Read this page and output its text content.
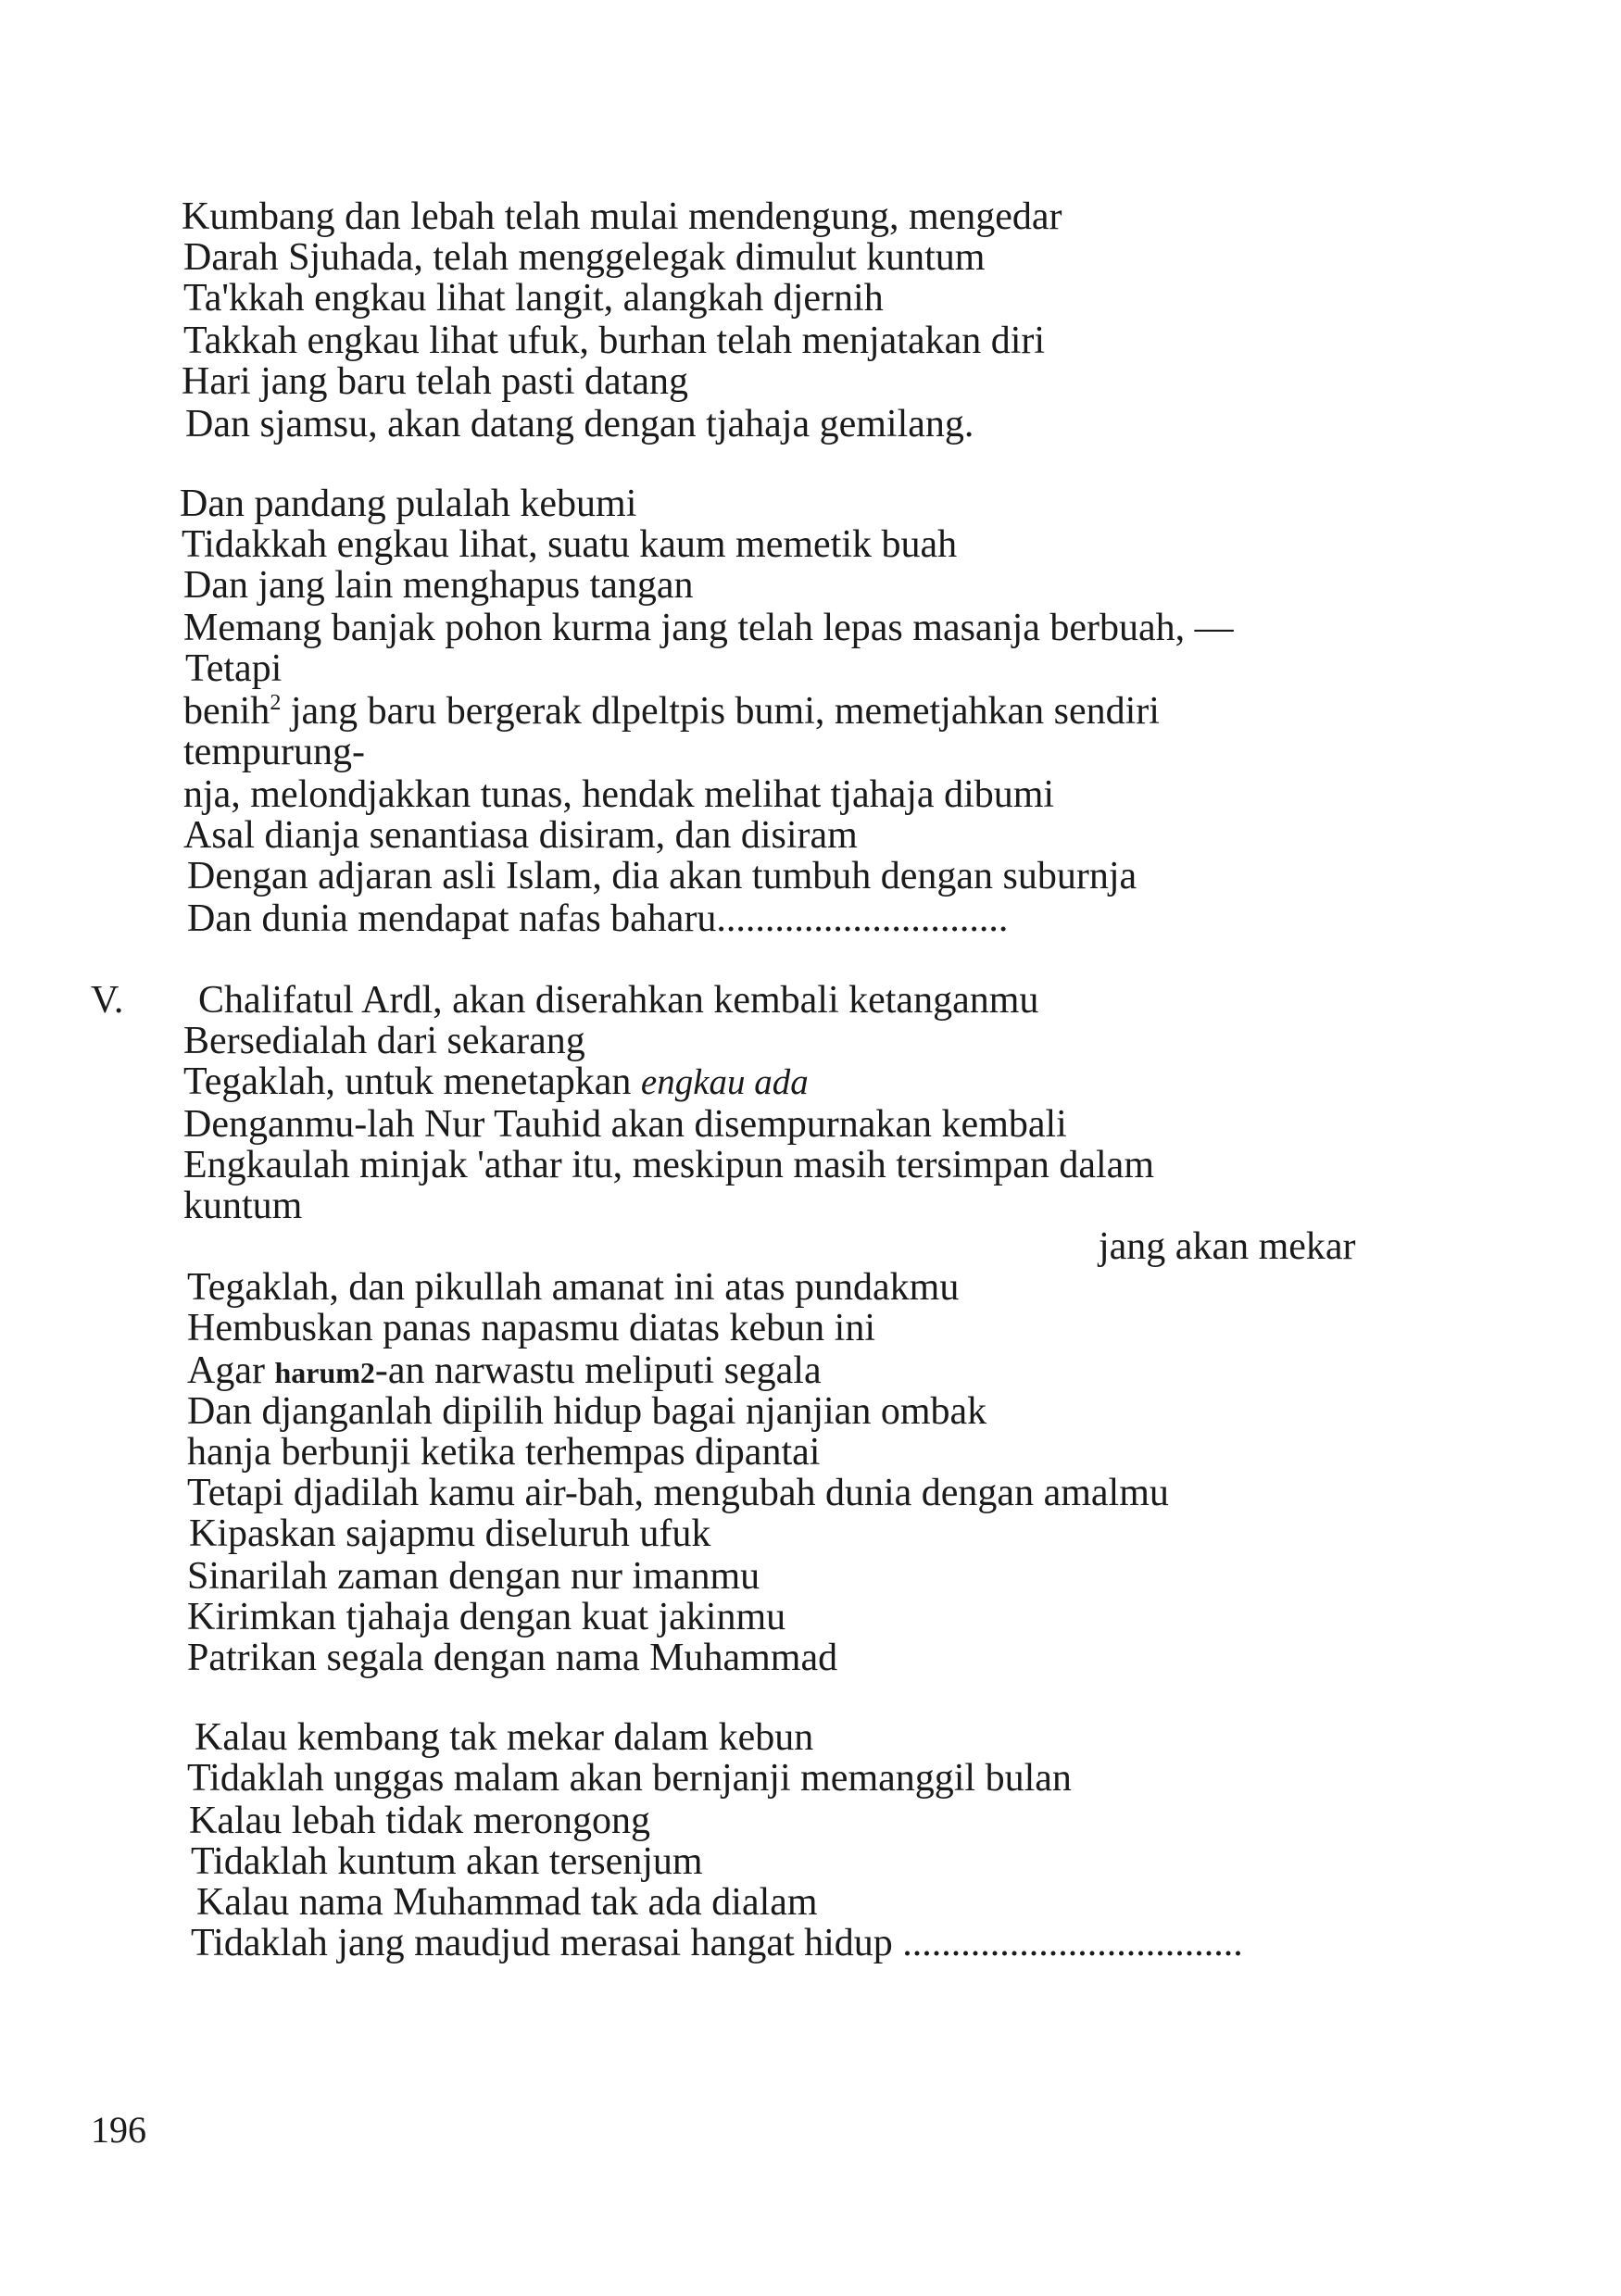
Kumbang dan lebah telah mulai mendengung, mengedar
Darah Sjuhada, telah menggelegak dimulut kuntum
Ta'kkah engkau lihat langit, alangkah djernih
Takkah engkau lihat ufuk, burhan telah menjatakan diri
Hari jang baru telah pasti datang
Dan sjamsu, akan datang dengan tjahaja gemilang.
Dan pandang pulalah kebumi
Tidakkah engkau lihat, suatu kaum memetik buah
Dan jang lain menghapus tangan
Memang banjak pohon kurma jang telah lepas masanja berbuah, —
Tetapi
benih$^2$ jang baru bergerak dlpeltpis bumi, memetjahkan sendiri
tempurung-
nja, melondjakkan tunas, hendak melihat tjahaja dibumi
Asal dianja senantiasa disiram, dan disiram
Dengan adjaran asli Islam, dia akan tumbuh dengan suburnja
Dan dunia mendapat nafas baharu..............................
V. Chalifatul Ardl, akan diserahkan kembali ketanganmu
Bersedialah dari sekarang
Tegaklah, untuk menetapkan engkau ada
Denganmu-lah Nur Tauhid akan disempurnakan kembali
Engkaulah minjak 'athar itu, meskipun masih tersimpan dalam
kuntum
jang akan mekar
Tegaklah, dan pikullah amanat ini atas pundakmu
Hembuskan panas napasmu diatas kebun ini
Agar harum2-an narwastu meliputi segala
Dan djanganlah dipilih hidup bagai njanjian ombak
hanja berbunji ketika terhempas dipantai
Tetapi djadilah kamu air-bah, mengubah dunia dengan amalmu
Kipaskan sajapmu diseluruh ufuk
Sinarilah zaman dengan nur imanmu
Kirimkan tjahaja dengan kuat jakinmu
Patrikan segala dengan nama Muhammad
Kalau kembang tak mekar dalam kebun
Tidaklah unggas malam akan bernjanji memanggil bulan
Kalau lebah tidak merongong
Tidaklah kuntum akan tersenjum
Kalau nama Muhammad tak ada dialam
Tidaklah jang maudjud merasai hangat hidup ...................................
196
